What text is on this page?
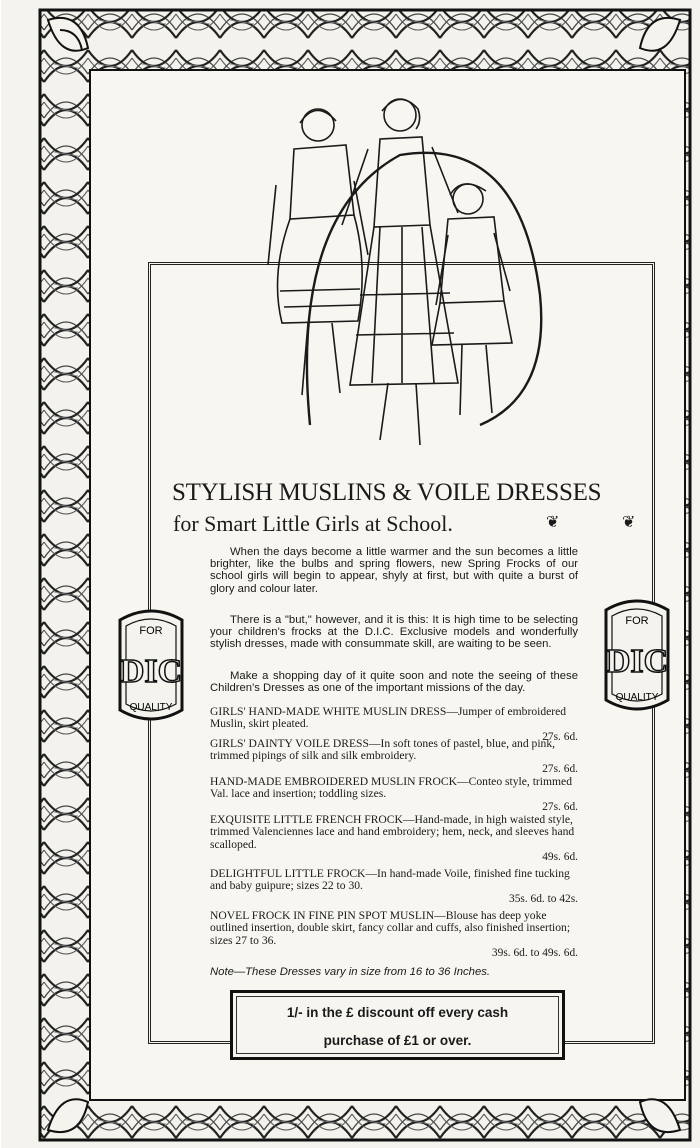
STYLISH MUSLINS & VOILE DRESSES
for Smart Little Girls at School.	❦	❦
When the days become a little warmer and the sun becomes a little brighter, like the bulbs and spring flowers, new Spring Frocks of our school girls will begin to appear, shyly at first, but with quite a burst of glory and colour later.
There is a "but," however, and it is this: It is high time to be selecting your children's frocks at the D.I.C. Exclusive models and wonderfully stylish dresses, made with consummate skill, are waiting to be seen.
Make a shopping day of it quite soon and note the seeing of these Children's Dresses as one of the important missions of the day.
GIRLS' HAND-MADE WHITE MUSLIN DRESS—Jumper of embroidered Muslin, skirt pleated.
27s. 6d.
GIRLS' DAINTY VOILE DRESS—In soft tones of pastel, blue, and pink, trimmed pipings of silk and silk embroidery.
27s. 6d.
HAND-MADE EMBROIDERED MUSLIN FROCK—Conteo style, trimmed Val. lace and insertion; toddling sizes.
27s. 6d.
EXQUISITE LITTLE FRENCH FROCK—Hand-made, in high waisted style, trimmed Valenciennes lace and hand embroidery; hem, neck, and sleeves hand scalloped.
49s. 6d.
DELIGHTFUL LITTLE FROCK—In hand-made Voile, finished fine tucking and baby guipure; sizes 22 to 30.
35s. 6d. to 42s.
NOVEL FROCK IN FINE PIN SPOT MUSLIN—Blouse has deep yoke outlined insertion, double skirt, fancy collar and cuffs, also finished insertion; sizes 27 to 36.
39s. 6d. to 49s. 6d.
Note—These Dresses vary in size from 16 to 36 Inches.
1/- in the £ discount off every cash
purchase of £1 or over.
FOR
DIC
QUALITY
FOR
DIC
QUALITY
